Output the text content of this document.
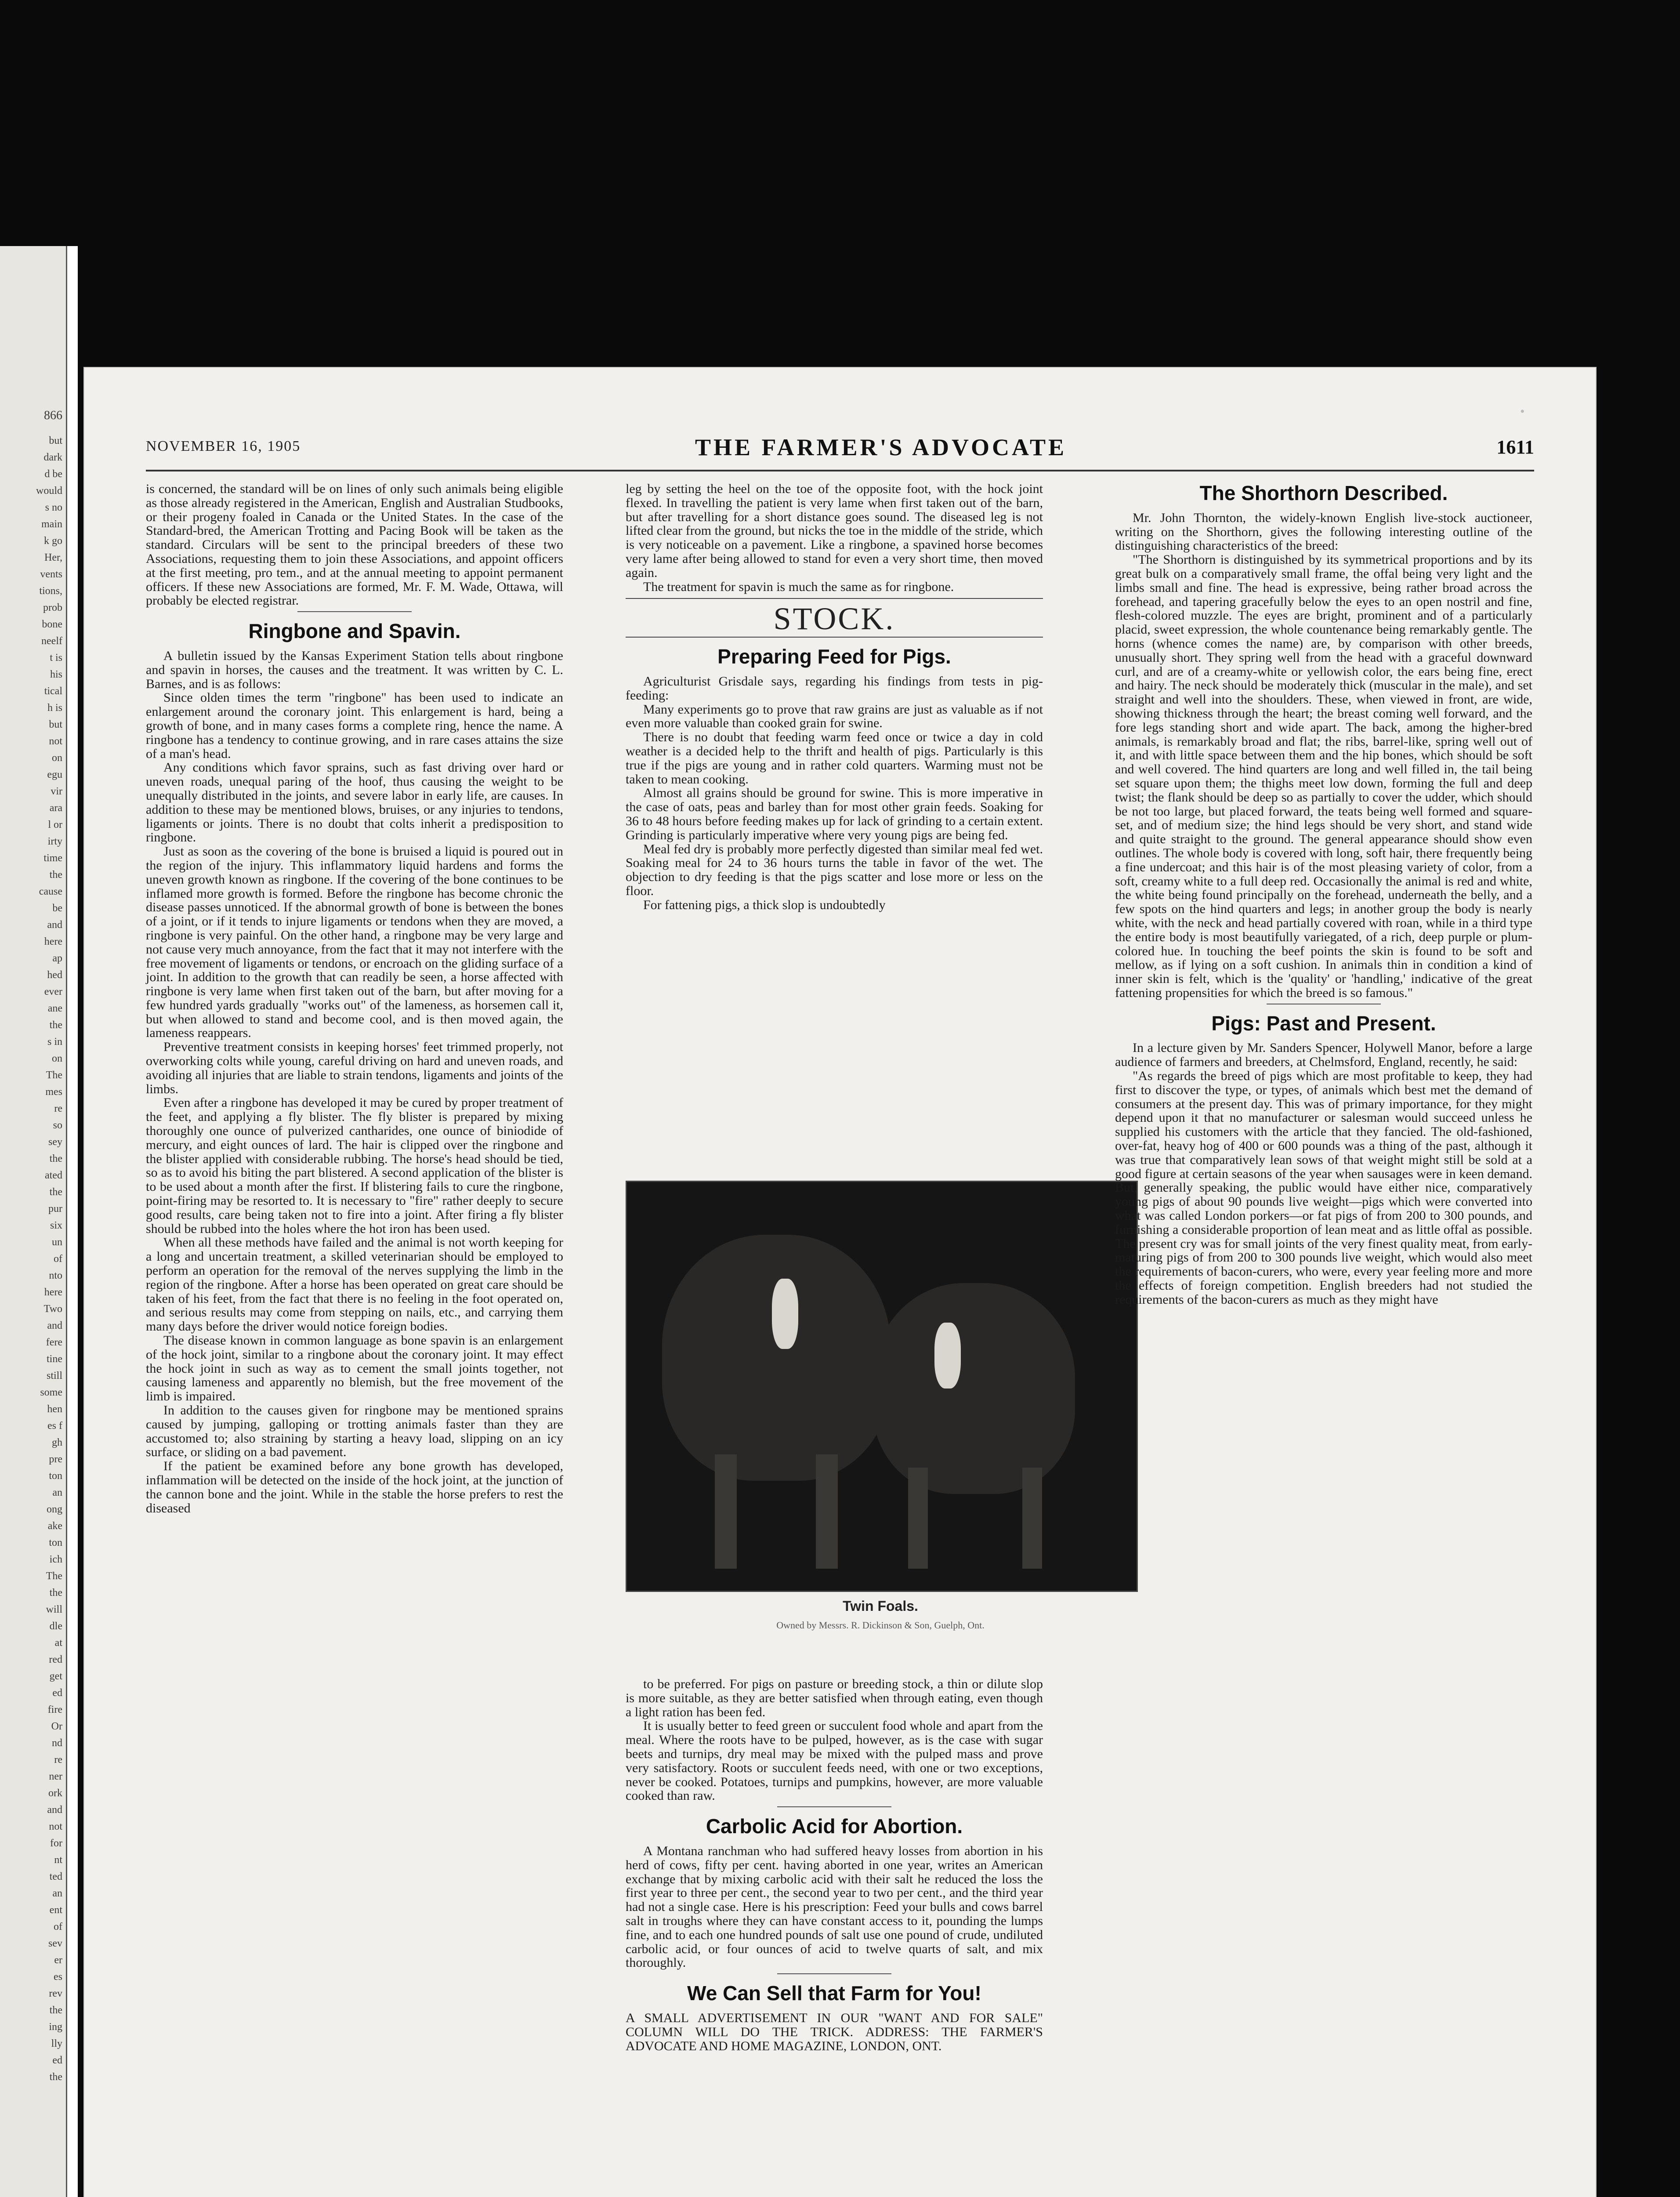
866
but
dark
d be
would
s no
main
k go
Her,
vents
tions,
prob
bone
neelf
t is
his
tical
h is
but
not
on
egu
vir
ara
l or
irty
time
the
cause
be
and
here
ap
hed
ever
ane
the
s in
on
The
mes
re
so
sey
the
ated
the
pur
six
un
of
nto
here
Two
and
fere
tine
still
some
hen
es f
gh
pre
ton
an
ong
ake
ton
ich
The
the
will
dle
at
red
get
ed
fire
Or
nd
re
ner
ork
and
not
for
nt
ted
an
ent
of
sev
er
es
rev
the
ing
lly
ed
the
NOVEMBER 16, 1905	THE FARMER'S ADVOCATE	1611

is concerned, the standard will be on lines of only such animals being eligible as those already registered in the American, English and Australian Studbooks, or their progeny foaled in Canada or the United States. In the case of the Standard-bred, the American Trotting and Pacing Book will be taken as the standard. Circulars will be sent to the principal breeders of these two Associations, requesting them to join these Associations, and appoint officers at the first meeting, pro tem., and at the annual meeting to appoint permanent officers. If these new Associations are formed, Mr. F. M. Wade, Ottawa, will probably be elected registrar.

Ringbone and Spavin.

A bulletin issued by the Kansas Experiment Station tells about ringbone and spavin in horses, the causes and the treatment. It was written by C. L. Barnes, and is as follows:

Since olden times the term "ringbone" has been used to indicate an enlargement around the coronary joint. This enlargement is hard, being a growth of bone, and in many cases forms a complete ring, hence the name. A ringbone has a tendency to continue growing, and in rare cases attains the size of a man's head.

Any conditions which favor sprains, such as fast driving over hard or uneven roads, unequal paring of the hoof, thus causing the weight to be unequally distributed in the joints, and severe labor in early life, are causes. In addition to these may be mentioned blows, bruises, or any injuries to tendons, ligaments or joints. There is no doubt that colts inherit a predisposition to ringbone.

Just as soon as the covering of the bone is bruised a liquid is poured out in the region of the injury. This inflammatory liquid hardens and forms the uneven growth known as ringbone. If the covering of the bone continues to be inflamed more growth is formed. Before the ringbone has become chronic the disease passes unnoticed. If the abnormal growth of bone is between the bones of a joint, or if it tends to injure ligaments or tendons when they are moved, a ringbone is very painful. On the other hand, a ringbone may be very large and not cause very much annoyance, from the fact that it may not interfere with the free movement of ligaments or tendons, or encroach on the gliding surface of a joint. In addition to the growth that can readily be seen, a horse affected with ringbone is very lame when first taken out of the barn, but after moving for a few hundred yards gradually "works out" of the lameness, as horsemen call it, but when allowed to stand and become cool, and is then moved again, the lameness reappears.

Preventive treatment consists in keeping horses' feet trimmed properly, not overworking colts while young, careful driving on hard and uneven roads, and avoiding all injuries that are liable to strain tendons, ligaments and joints of the limbs.

Even after a ringbone has developed it may be cured by proper treatment of the feet, and applying a fly blister. The fly blister is prepared by mixing thoroughly one ounce of pulverized cantharides, one ounce of biniodide of mercury, and eight ounces of lard. The hair is clipped over the ringbone and the blister applied with considerable rubbing. The horse's head should be tied, so as to avoid his biting the part blistered. A second application of the blister is to be used about a month after the first. If blistering fails to cure the ringbone, point-firing may be resorted to. It is necessary to "fire" rather deeply to secure good results, care being taken not to fire into a joint. After firing a fly blister should be rubbed into the holes where the hot iron has been used.

When all these methods have failed and the animal is not worth keeping for a long and uncertain treatment, a skilled veterinarian should be employed to perform an operation for the removal of the nerves supplying the limb in the region of the ringbone. After a horse has been operated on great care should be taken of his feet, from the fact that there is no feeling in the foot operated on, and serious results may come from stepping on nails, etc., and carrying them many days before the driver would notice foreign bodies.

The disease known in common language as bone spavin is an enlargement of the hock joint, similar to a ringbone about the coronary joint. It may effect the hock joint in such as way as to cement the small joints together, not causing lameness and apparently no blemish, but the free movement of the limb is impaired.

In addition to the causes given for ringbone may be mentioned sprains caused by jumping, galloping or trotting animals faster than they are accustomed to; also straining by starting a heavy load, slipping on an icy surface, or sliding on a bad pavement.

If the patient be examined before any bone growth has developed, inflammation will be detected on the inside of the hock joint, at the junction of the cannon bone and the joint. While in the stable the horse prefers to rest the diseased

leg by setting the heel on the toe of the opposite foot, with the hock joint flexed. In travelling the patient is very lame when first taken out of the barn, but after travelling for a short distance goes sound. The diseased leg is not lifted clear from the ground, but nicks the toe in the middle of the stride, which is very noticeable on a pavement. Like a ringbone, a spavined horse becomes very lame after being allowed to stand for even a very short time, then moved again.

The treatment for spavin is much the same as for ringbone.

STOCK.
Preparing Feed for Pigs.

Agriculturist Grisdale says, regarding his findings from tests in pig-feeding:

Many experiments go to prove that raw grains are just as valuable as if not even more valuable than cooked grain for swine.

There is no doubt that feeding warm feed once or twice a day in cold weather is a decided help to the thrift and health of pigs. Particularly is this true if the pigs are young and in rather cold quarters. Warming must not be taken to mean cooking.

Almost all grains should be ground for swine. This is more imperative in the case of oats, peas and barley than for most other grain feeds. Soaking for 36 to 48 hours before feeding makes up for lack of grinding to a certain extent. Grinding is particularly imperative where very young pigs are being fed.

Meal fed dry is probably more perfectly digested than similar meal fed wet. Soaking meal for 24 to 36 hours turns the table in favor of the wet. The objection to dry feeding is that the pigs scatter and lose more or less on the floor.

For fattening pigs, a thick slop is undoubtedly

Twin Foals.
Owned by Messrs. R. Dickinson & Son, Guelph, Ont.

to be preferred. For pigs on pasture or breeding stock, a thin or dilute slop is more suitable, as they are better satisfied when through eating, even though a light ration has been fed.

It is usually better to feed green or succulent food whole and apart from the meal. Where the roots have to be pulped, however, as is the case with sugar beets and turnips, dry meal may be mixed with the pulped mass and prove very satisfactory. Roots or succulent feeds need, with one or two exceptions, never be cooked. Potatoes, turnips and pumpkins, however, are more valuable cooked than raw.

Carbolic Acid for Abortion.

A Montana ranchman who had suffered heavy losses from abortion in his herd of cows, fifty per cent. having aborted in one year, writes an American exchange that by mixing carbolic acid with their salt he reduced the loss the first year to three per cent., the second year to two per cent., and the third year had not a single case. Here is his prescription: Feed your bulls and cows barrel salt in troughs where they can have constant access to it, pounding the lumps fine, and to each one hundred pounds of salt use one pound of crude, undiluted carbolic acid, or four ounces of acid to twelve quarts of salt, and mix thoroughly.

We Can Sell that Farm for You!

A SMALL ADVERTISEMENT IN OUR "WANT AND FOR SALE" COLUMN WILL DO THE TRICK. ADDRESS: THE FARMER'S ADVOCATE AND HOME MAGAZINE, LONDON, ONT.

The Shorthorn Described.

Mr. John Thornton, the widely-known English live-stock auctioneer, writing on the Shorthorn, gives the following interesting outline of the distinguishing characteristics of the breed:

"The Shorthorn is distinguished by its symmetrical proportions and by its great bulk on a comparatively small frame, the offal being very light and the limbs small and fine. The head is expressive, being rather broad across the forehead, and tapering gracefully below the eyes to an open nostril and fine, flesh-colored muzzle. The eyes are bright, prominent and of a particularly placid, sweet expression, the whole countenance being remarkably gentle. The horns (whence comes the name) are, by comparison with other breeds, unusually short. They spring well from the head with a graceful downward curl, and are of a creamy-white or yellowish color, the ears being fine, erect and hairy. The neck should be moderately thick (muscular in the male), and set straight and well into the shoulders. These, when viewed in front, are wide, showing thickness through the heart; the breast coming well forward, and the fore legs standing short and wide apart. The back, among the higher-bred animals, is remarkably broad and flat; the ribs, barrel-like, spring well out of it, and with little space between them and the hip bones, which should be soft and well covered. The hind quarters are long and well filled in, the tail being set square upon them; the thighs meet low down, forming the full and deep twist; the flank should be deep so as partially to cover the udder, which should be not too large, but placed forward, the teats being well formed and square-set, and of medium size; the hind legs should be very short, and stand wide and quite straight to the ground. The general appearance should show even outlines. The whole body is covered with long, soft hair, there frequently being a fine undercoat; and this hair is of the most pleasing variety of color, from a soft, creamy white to a full deep red. Occasionally the animal is red and white, the white being found principally on the forehead, underneath the belly, and a few spots on the hind quarters and legs; in another group the body is nearly white, with the neck and head partially covered with roan, while in a third type the entire body is most beautifully variegated, of a rich, deep purple or plum-colored hue. In touching the beef points the skin is found to be soft and mellow, as if lying on a soft cushion. In animals thin in condition a kind of inner skin is felt, which is the 'quality' or 'handling,' indicative of the great fattening propensities for which the breed is so famous."

Pigs: Past and Present.

In a lecture given by Mr. Sanders Spencer, Holywell Manor, before a large audience of farmers and breeders, at Chelmsford, England, recently, he said:

"As regards the breed of pigs which are most profitable to keep, they had first to discover the type, or types, of animals which best met the demand of consumers at the present day. This was of primary importance, for they might depend upon it that no manufacturer or salesman would succeed unless he supplied his customers with the article that they fancied. The old-fashioned, over-fat, heavy hog of 400 or 600 pounds was a thing of the past, although it was true that comparatively lean sows of that weight might still be sold at a good figure at certain seasons of the year when sausages were in keen demand. But, generally speaking, the public would have either nice, comparatively young pigs of about 90 pounds live weight—pigs which were converted into what was called London porkers—or fat pigs of from 200 to 300 pounds, and furnishing a considerable proportion of lean meat and as little offal as possible. The present cry was for small joints of the very finest quality meat, from early-maturing pigs of from 200 to 300 pounds live weight, which would also meet the requirements of bacon-curers, who were, every year feeling more and more the effects of foreign competition. English breeders had not studied the requirements of the bacon-curers as much as they might have

•
